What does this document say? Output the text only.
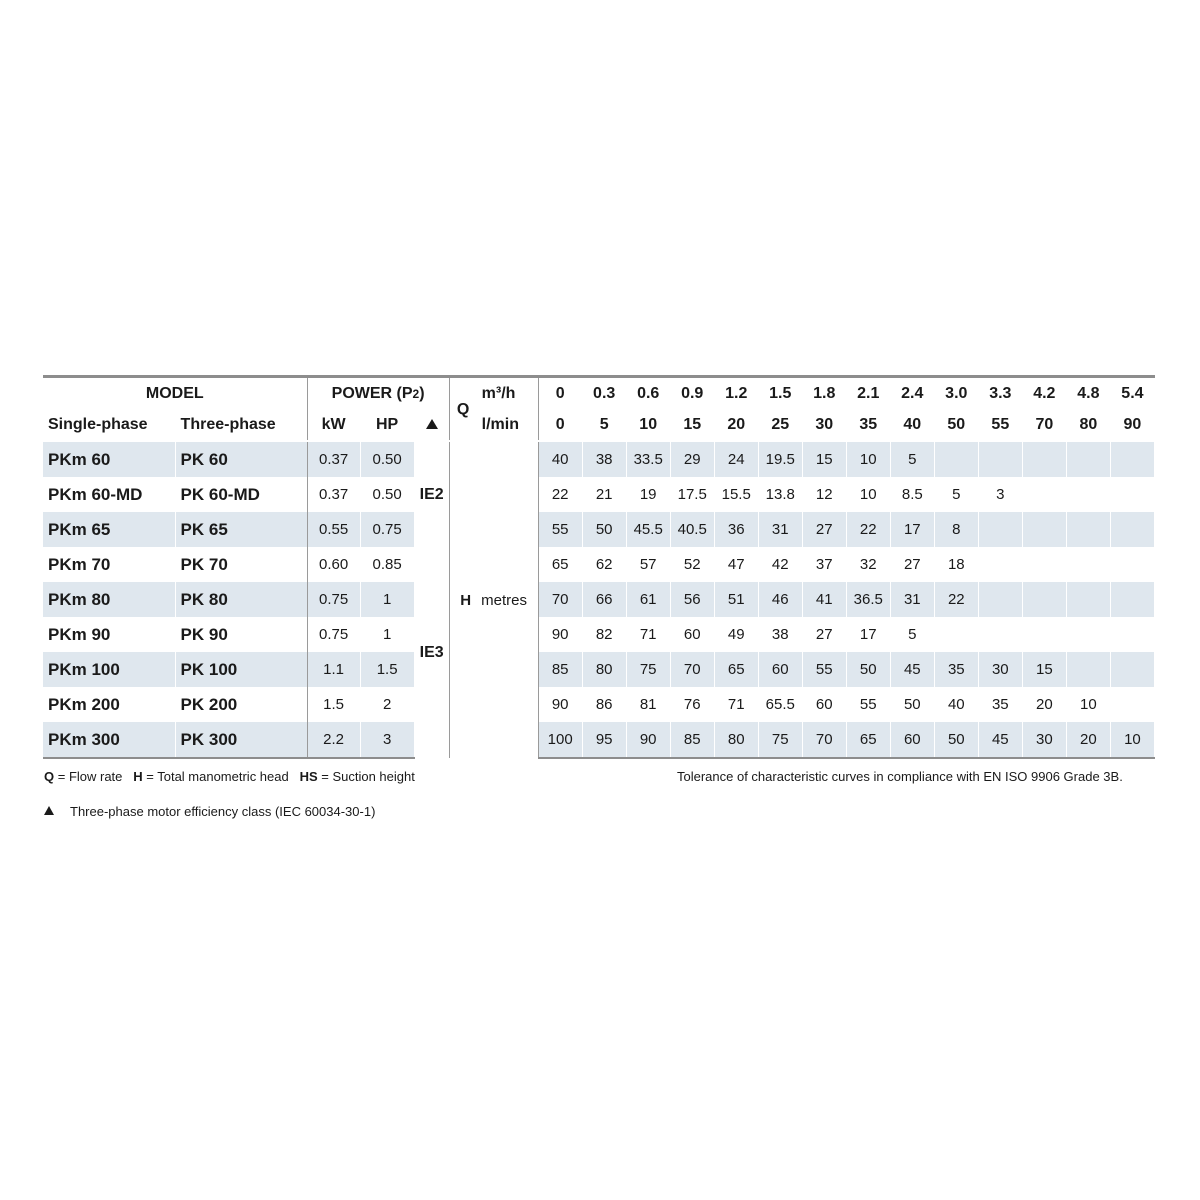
MODEL		POWER (P2)			Q	m³/h	0	0.3	0.6	0.9	1.2	1.5	1.8	2.1	2.4	3.0	3.3	4.2	4.8	5.4
Single-phase	Three-phase	kW	HP			l/min	0	5	10	15	20	25	30	35	40	50	55	70	80	90
PKm 60	PK 60	0.37	0.50	IE2	H metres		40	38	33.5	29	24	19.5	15	10	5					
PKm 60-MD	PK 60-MD	0.37	0.50				22	21	19	17.5	15.5	13.8	12	10	8.5	5	3			
PKm 65	PK 65	0.55	0.75				55	50	45.5	40.5	36	31	27	22	17	8				
PKm 70	PK 70	0.60	0.85	IE3			65	62	57	52	47	42	37	32	27	18				
PKm 80	PK 80	0.75	1				70	66	61	56	51	46	41	36.5	31	22				
PKm 90	PK 90	0.75	1				90	82	71	60	49	38	27	17	5					
PKm 100	PK 100	1.1	1.5				85	80	75	70	65	60	55	50	45	35	30	15		
PKm 200	PK 200	1.5	2				90	86	81	76	71	65.5	60	55	50	40	35	20	10	
PKm 300	PK 300	2.2	3				100	95	90	85	80	75	70	65	60	50	45	30	20	10
Q = Flow rate H = Total manometric head HS = Suction height	Tolerance of characteristic curves in compliance with EN ISO 9906 Grade 3B.
Three-phase motor efficiency class (IEC 60034-30-1)
